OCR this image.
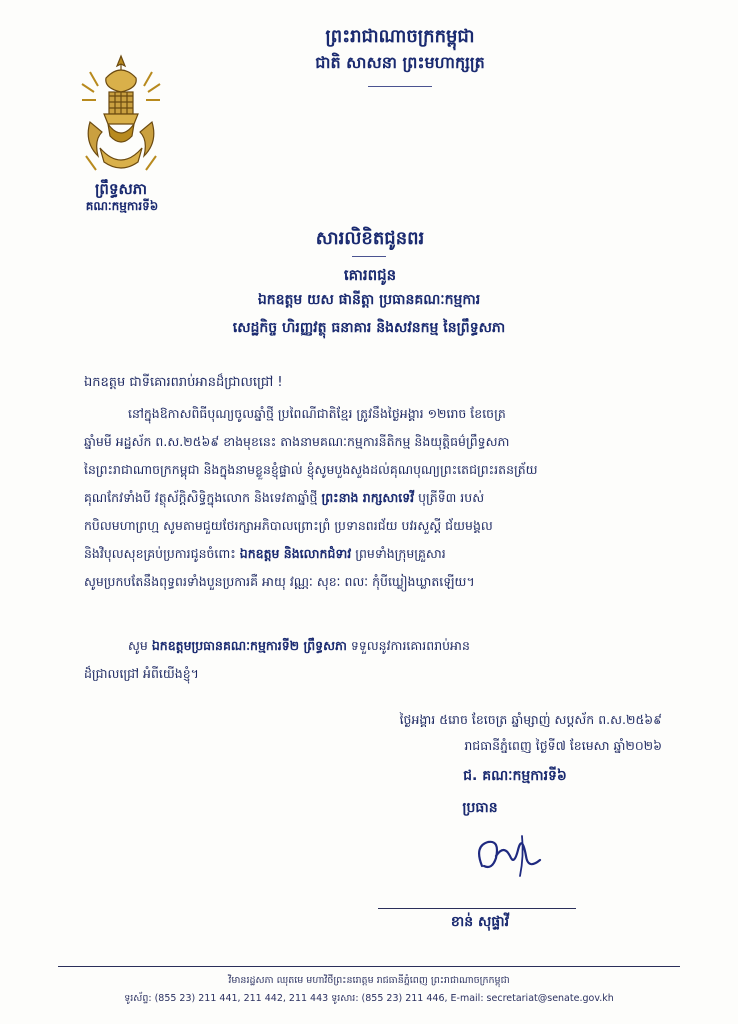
ព្រឹទ្ធសភា
គណៈកម្មការទី៦
ព្រះរាជាណាចក្រកម្ពុជា
ជាតិ សាសនា ព្រះមហាក្សត្រ
សារលិខិតជូនពរ
គោរពជូន
ឯកឧត្តម យស ផានីត្តា ប្រធានគណៈកម្មការ
សេដ្ឋកិច្ច ហិរញ្ញវត្ថុ ធនាគារ និងសវនកម្ម នៃព្រឹទ្ធសភា
ឯកឧត្តម ជាទីគោរពរាប់អានដ៏ជ្រាលជ្រៅ !
នៅក្នុងឱកាសពិធីបុណ្យចូលឆ្នាំថ្មី ប្រពៃណីជាតិខ្មែរ ត្រូវនឹងថ្ងៃអង្គារ ១២រោច ខែចេត្រ
ឆ្នាំមមី អដ្ឋស័ក ព.ស.២៥៦៩ ខាងមុខនេះ តាងនាមគណៈកម្មការនីតិកម្ម និងយុត្តិធម៌ព្រឹទ្ធសភា
នៃព្រះរាជាណាចក្រកម្ពុជា និងក្នុងនាមខ្លួនខ្ញុំផ្ទាល់ ខ្ញុំសូមបួងសួងដល់គុណបុណ្យព្រះតេជព្រះរតនត្រ័យ
គុណកែវទាំងបី វត្ថុស័ក្តិសិទ្ធិក្នុងលោក និងទេវតាឆ្នាំថ្មី ព្រះនាង រាក្សសាទេវី បុត្រីទី៣ របស់
កបិលមហាព្រហ្ម សូមតាមជួយថែរក្សាអភិបាលព្រោះព្រំ ប្រទានពរជ័យ បវរសួស្តី ជ័យមង្គល
និងវិបុលសុខគ្រប់ប្រការជូនចំពោះ ឯកឧត្តម និងលោកជំទាវ ព្រមទាំងក្រុមគ្រួសារ
សូមប្រកបតែនឹងពុទ្ធពរទាំងបួនប្រការគឺ អាយុ វណ្ណៈ សុខៈ ពលៈ កុំបីឃ្លៀងឃ្លាតឡើយ។
សូម ឯកឧត្តមប្រធានគណៈកម្មការទី២ ព្រឹទ្ធសភា ទទួលនូវការគោរពរាប់អាន
ដ៏ជ្រាលជ្រៅ អំពីយើងខ្ញុំ។
ថ្ងៃអង្គារ ៥រោច ខែចេត្រ ឆ្នាំម្សាញ់ សប្តស័ក ព.ស.២៥៦៩
រាជធានីភ្នំពេញ ថ្ងៃទី៧ ខែមេសា ឆ្នាំ២០២៦
ជ. គណៈកម្មការទី៦
ប្រធាន
ខាន់ សុផ្ទាវី
វិមានរដ្ឋសភា ឈុតមេ មហាវិថីព្រះនរោត្តម រាជធានីភ្នំពេញ ព្រះរាជាណាចក្រកម្ពុជា
ទូរស័ព្ទ: (855 23) 211 441, 211 442, 211 443 ទូរសារ: (855 23) 211 446, E-mail: secretariat@senate.gov.kh
